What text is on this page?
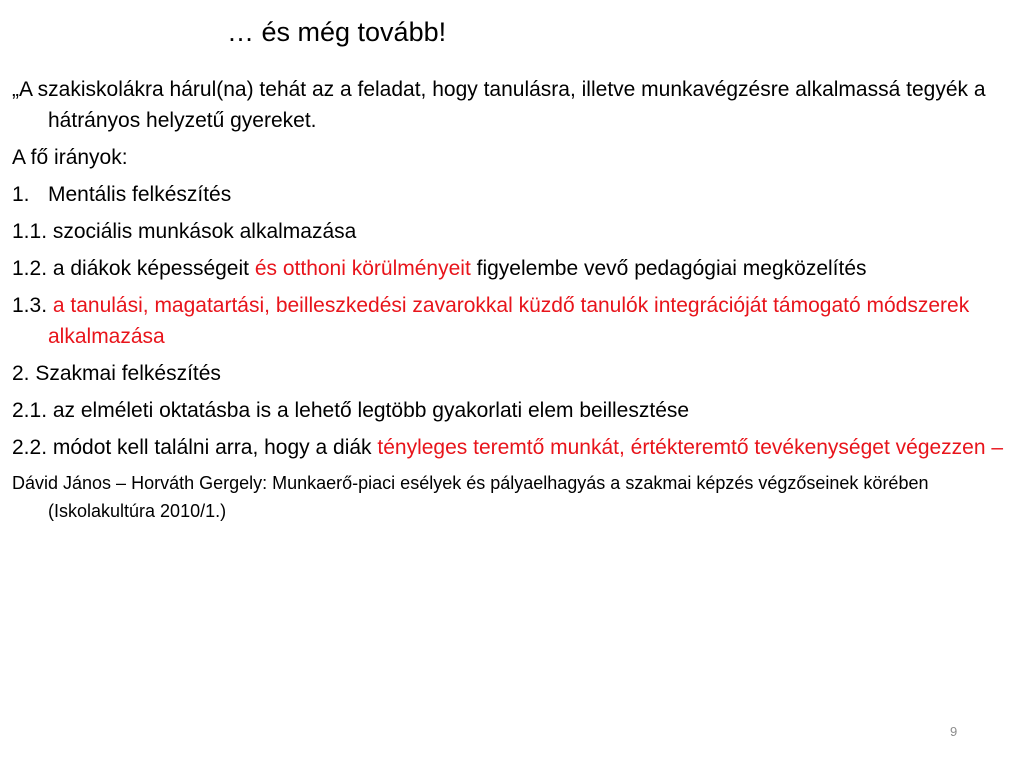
… és még tovább!
„A szakiskolákra hárul(na) tehát az a feladat, hogy tanulásra, illetve munkavégzésre alkalmassá tegyék a hátrányos helyzetű gyereket.
A fő irányok:
1. Mentális felkészítés
1.1. szociális munkások alkalmazása
1.2. a diákok képességeit és otthoni körülményeit figyelembe vevő pedagógiai megközelítés
1.3. a tanulási, magatartási, beilleszkedési zavarokkal küzdő tanulók integrációját támogató módszerek alkalmazása
2. Szakmai felkészítés
2.1. az elméleti oktatásba is a lehető legtöbb gyakorlati elem beillesztése
2.2. módot kell találni arra, hogy a diák tényleges teremtő munkát, értékteremtő tevékenységet végezzen –
Dávid János – Horváth Gergely: Munkaerő-piaci esélyek és pályaelhagyás a szakmai képzés végzőseinek körében (Iskolakultúra 2010/1.)
9
